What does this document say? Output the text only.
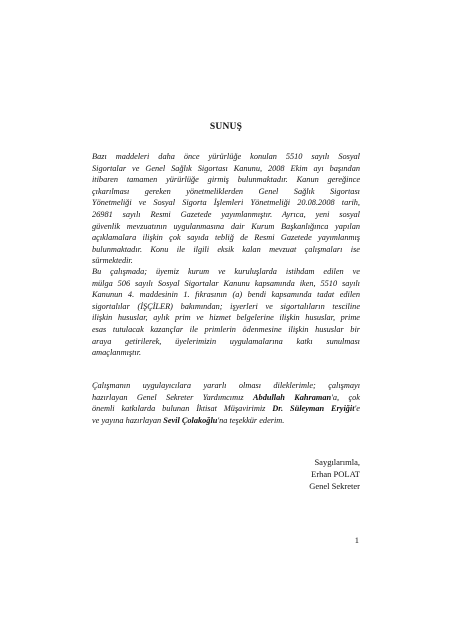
SUNUŞ

Bazı maddeleri daha önce yürürlüğe konulan 5510 sayılı Sosyal
Sigortalar ve Genel Sağlık Sigortası Kanunu, 2008 Ekim ayı başından
itibaren tamamen yürürlüğe girmiş bulunmaktadır. Kanun gereğince
çıkarılması gereken yönetmeliklerden Genel Sağlık Sigortası
Yönetmeliği ve Sosyal Sigorta İşlemleri Yönetmeliği 20.08.2008 tarih,
26981 sayılı Resmi Gazetede yayımlanmıştır. Ayrıca, yeni sosyal
güvenlik mevzuatının uygulanmasına dair Kurum Başkanlığınca yapılan
açıklamalara ilişkin çok sayıda tebliğ de Resmi Gazetede yayımlanmış
bulunmaktadır. Konu ile ilgili eksik kalan mevzuat çalışmaları ise
sürmektedir.

Bu çalışmada; üyemiz kurum ve kuruluşlarda istihdam edilen ve
mülga 506 sayılı Sosyal Sigortalar Kanunu kapsamında iken, 5510 sayılı
Kanunun 4. maddesinin 1. fıkrasının (a) bendi kapsamında tadat edilen
sigortalılar (İŞÇİLER) bakımından; işyerleri ve sigortalıların tesciline
ilişkin hususlar, aylık prim ve hizmet belgelerine ilişkin hususlar, prime
esas tutulacak kazançlar ile primlerin ödenmesine ilişkin hususlar bir
araya getirilerek, üyelerimizin uygulamalarına katkı sunulması
amaçlanmıştır.

Çalışmanın uygulayıcılara yararlı olması dileklerimle; çalışmayı
hazırlayan Genel Sekreter Yardımcımız Abdullah Kahraman'a, çok
önemli katkılarda bulunan İktisat Müşavirimiz Dr. Süleyman Eryiğit'e
ve yayına hazırlayan Sevil Çolakoğlu'na teşekkür ederim.

Saygılarımla,
Erhan POLAT
Genel Sekreter
1
